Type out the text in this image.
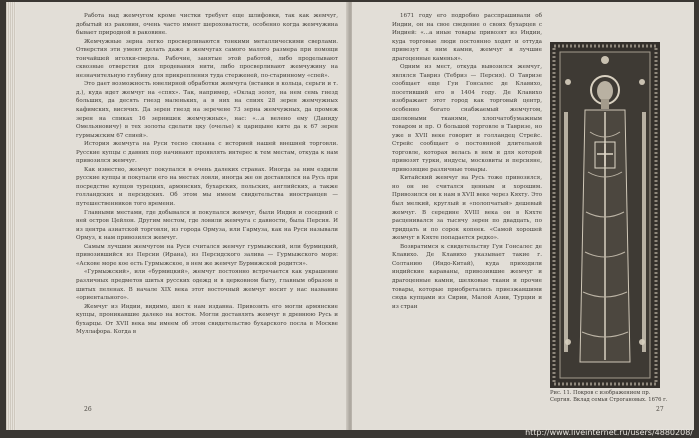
Работа над жемчугом кроме чистки требует еще шлифовки, так как жемчуг, добытый из раковин, очень часто имеет шероховатости, особенно когда жемчужина бывает природной в раковине.

Жемчужные зерна легко просверливаются тонкими металлическими сверлами. Отверстия эти умеют делать даже в жемчугах самого малого размера при помощи тончайшей иголки-сверла. Рабочие, занятые этой работой, либо проделывают сквозные отверстия для продевания нити, либо просверливают жемчужину на незначительную глубину для прикрепления туда стерженей, по-старинному «спей».

Это дает возможность ювелирной обработки жемчуга (вставки в кольца, серьги и т. д.), куда идет жемчуг на «спях». Так, например, «Оклад золот, на нем семь гнезд больших, да десять гнезд маленьких, а в них на спиях 28 зерен жемчужных кафимских, висячих. Да зерен гнезд на зеречене 73 зерна жемчужных, да промеж зерен на спиках 16 зернишек жемчужных», нас: «...а велено ему (Даниду Омельяновичу) в тех золоты сделати цку (очелье) к царицыне ките да к 67 зерен гурмыжским 67 спией».

История жемчуга на Руси тесно связана с историей нашей внешней торговли. Русские купцы с давних пор начинают проявлять интерес к тем местам, откуда к нам привозился жемчуг.

Как известно, жемчуг покупался в очень далеких странах. Иногда за ним ездили русские купцы и покупали его на местах ловли, иногда же он доставлялся на Русь при посредстве купцов турецких, армянских, бухарских, польских, английских, а также голландских и персидских. Об этом мы имеем свидетельства иностранцев — путешественников того времени.

Главными местами, где добывался и покупался жемчуг, были Индия и соседний с ней остров Цейлон. Другим местом, где ловили жемчуга с давности, была Персия. И из центра азиатской торговли, из города Ормуза, или Гармуза, как на Руси называли Ормуз, к нам привозился жемчуг.

Самым лучшим жемчугом на Руси считался жемчуг гурмыжский, или бурмицкий, привозившийся из Персии (Ирана), из Персидского залива — Гурмыжского моря: «Аскове море кое есть Гурмыжское, в нем же жемчуг Бурмижской родится».

«Гурмыжский», или «бурмицкий», жемчуг постоянно встречается как украшение различных предметов шитья русских одежд и в церковном быту, главным образом в шитых пеленах. В начале XIX века этот восточный жемчуг носит у нас название «ориентального».

Жемчуг из Индии, видимо, шел к нам издавна. Привозить его могли армянские купцы, проникавшие далеко на восток. Могли доставлять жемчуг в древнюю Русь и бухарцы. От XVII века мы имеем об этом свидетельство бухарского посла в Москве Муллафора. Когда в

26

1671 году его подробно расспрашивали об Индии, он на свое сведение о своих бухарцев с Индией: «...а иные товары привозят из Индии, куда торговые люди постоянно ходят и оттуда привезут к ним камни, жемчуг и лучшие драгоценные каменья».

Одним из мест, откуда вывозился жемчуг, являлся Тавриз (Тебриз — Персия). О Тавризе сообщает еще Гуи Гонсалес де Клавихо, посетивший его в 1404 году. Де Клавихо изображает этот город как торговый центр, особенно богато снабжаемый жемчугом, шелковыми тканями, хлопчатобумажным товаром и пр. О большой торговле в Тавризе, но уже в XVII веке говорит и голландец Стрейс. Стрейс сообщает о постоянной длительной торговле, которая велась в нем и для которой привозят турки, индусы, московиты и персияне, привозящие различные товары.

Китайский жемчуг на Русь тоже привозился, но он не считался ценным и хорошим. Привозился он к нам в XVII веке через Кяхту. Это был мелкий, круглый и «полопчатый» дешевый жемчуг. В середине XVIII века он в Кяхте расценивался за тысячу зерен по двадцать, по тридцать и по сорок копеек. «Самой хорошей жемчуг в Кяхте попадается редко».

Возвратимся к свидетельству Гуи Гонсалес де Клавихо. Де Клавихо указывает такие г. Солтанию (Индо-Китай), куда приходили индийские караваны, привозившие жемчуг и драгоценные камни, шелковые ткани и прочие товары, которые приобретались приезжавшими сюда купцами из Сирии, Малой Азии, Турции и из стран

Рис. 11. Покров с изображением пр. Сергия. Вклад семьи Строгановых. 1676 г.
27
http://www.liveinternet.ru/users/4880208/
